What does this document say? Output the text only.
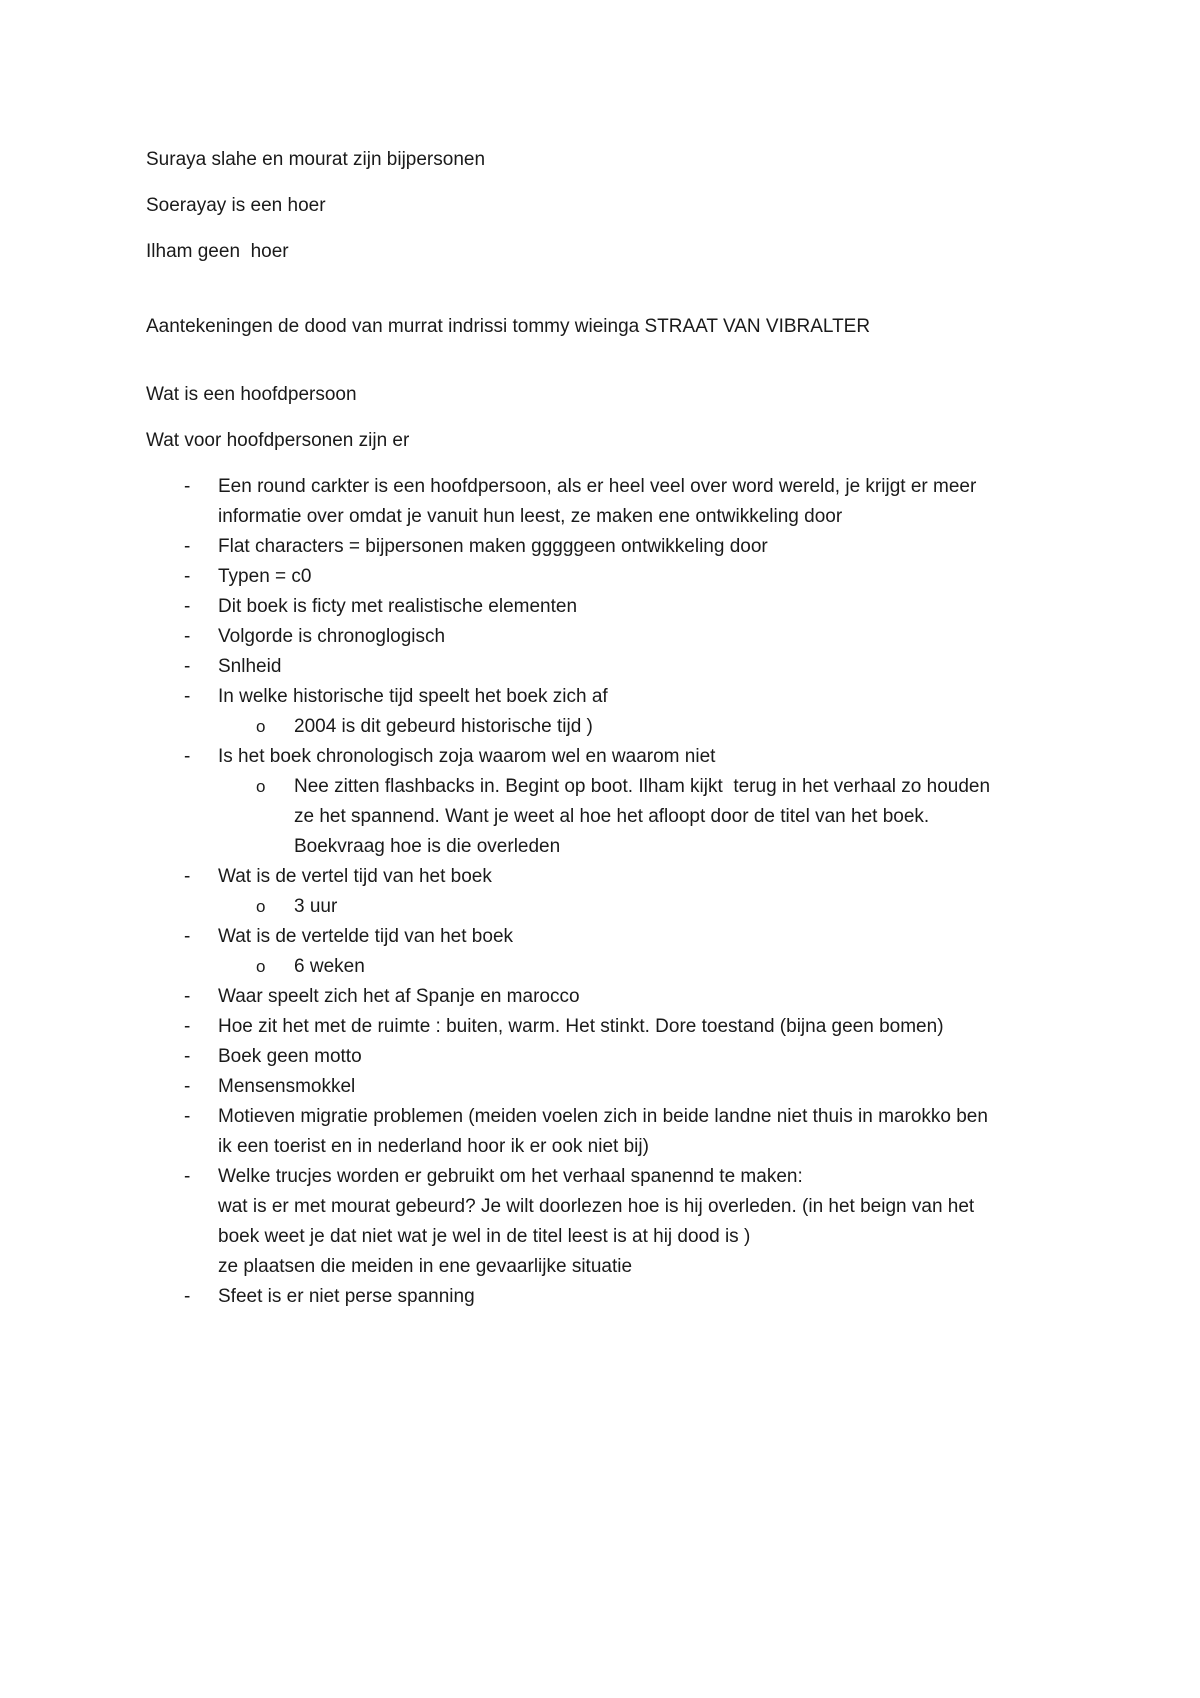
Suraya slahe en mourat zijn bijpersonen

Soerayay is een hoer

Ilham geen  hoer

Aantekeningen de dood van murrat indrissi tommy wieinga STRAAT VAN VIBRALTER

Wat is een hoofdpersoon

Wat voor hoofdpersonen zijn er

- Een round carkter is een hoofdpersoon, als er heel veel over word wereld, je krijgt er meer
informatie over omdat je vanuit hun leest, ze maken ene ontwikkeling door
- Flat characters = bijpersonen maken gggggeen ontwikkeling door
- Typen = c0
- Dit boek is ficty met realistische elementen
- Volgorde is chronoglogisch
- Snlheid
- In welke historische tijd speelt het boek zich af
o 2004 is dit gebeurd historische tijd )
- Is het boek chronologisch zoja waarom wel en waarom niet
o Nee zitten flashbacks in. Begint op boot. Ilham kijkt  terug in het verhaal zo houden
ze het spannend. Want je weet al hoe het afloopt door de titel van het boek.
Boekvraag hoe is die overleden
- Wat is de vertel tijd van het boek
o 3 uur
- Wat is de vertelde tijd van het boek
o 6 weken
- Waar speelt zich het af Spanje en marocco
- Hoe zit het met de ruimte : buiten, warm. Het stinkt. Dore toestand (bijna geen bomen)
- Boek geen motto
- Mensensmokkel
- Motieven migratie problemen (meiden voelen zich in beide landne niet thuis in marokko ben
ik een toerist en in nederland hoor ik er ook niet bij)
- Welke trucjes worden er gebruikt om het verhaal spanennd te maken:
wat is er met mourat gebeurd? Je wilt doorlezen hoe is hij overleden. (in het beign van het
boek weet je dat niet wat je wel in de titel leest is at hij dood is )
ze plaatsen die meiden in ene gevaarlijke situatie
- Sfeet is er niet perse spanning
